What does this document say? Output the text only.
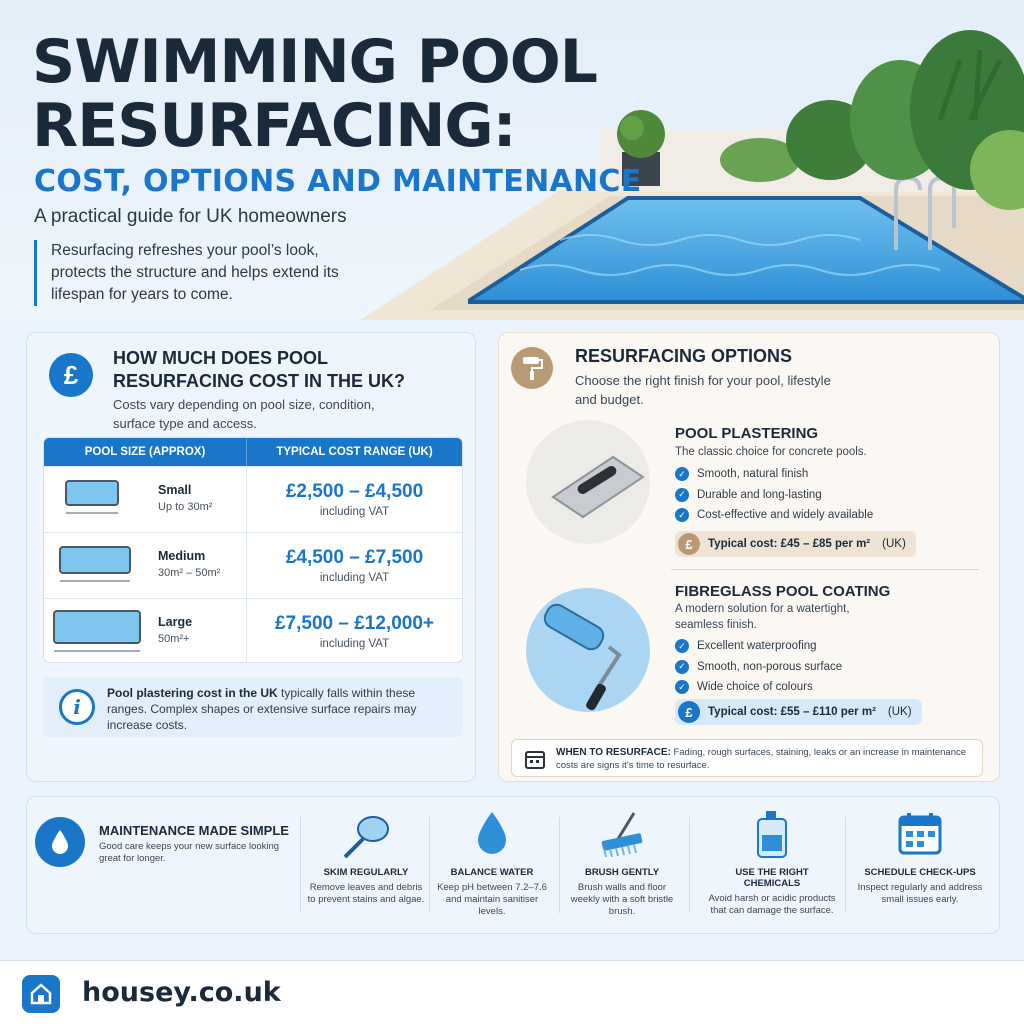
SWIMMING POOL
RESURFACING:
COST, OPTIONS AND MAINTENANCE
A practical guide for UK homeowners
Resurfacing refreshes your pool’s look, protects the structure and helps extend its lifespan for years to come.
£
HOW MUCH DOES POOL RESURFACING COST IN THE UK?
Costs vary depending on pool size, condition, surface type and access.
POOL SIZE (APPROX)	TYPICAL COST RANGE (UK)
Small
Up to 30m²
£2,500 – £4,500
including VAT
Medium
30m² – 50m²
£4,500 – £7,500
including VAT
Large
50m²+
£7,500 – £12,000+
including VAT
i
Pool plastering cost in the UK typically falls within these ranges. Complex shapes or extensive surface repairs may increase costs.
RESURFACING OPTIONS
Choose the right finish for your pool, lifestyle and budget.
POOL PLASTERING
The classic choice for concrete pools.
✓ Smooth, natural finish
✓ Durable and long-lasting
✓ Cost-effective and widely available
£	Typical cost: £45 – £85 per m² (UK)
FIBREGLASS POOL COATING
A modern solution for a watertight, seamless finish.
✓ Excellent waterproofing
✓ Smooth, non-porous surface
✓ Wide choice of colours
£	Typical cost: £55 – £110 per m² (UK)
WHEN TO RESURFACE: Fading, rough surfaces, staining, leaks or an increase in maintenance costs are signs it’s time to resurface.
MAINTENANCE MADE SIMPLE
Good care keeps your new surface looking great for longer.
SKIM REGULARLY
Remove leaves and debris to prevent stains and algae.
BALANCE WATER
Keep pH between 7.2–7.6 and maintain sanitiser levels.
BRUSH GENTLY
Brush walls and floor weekly with a soft bristle brush.
USE THE RIGHT CHEMICALS
Avoid harsh or acidic products that can damage the surface.
SCHEDULE CHECK-UPS
Inspect regularly and address small issues early.
housey.co.uk
